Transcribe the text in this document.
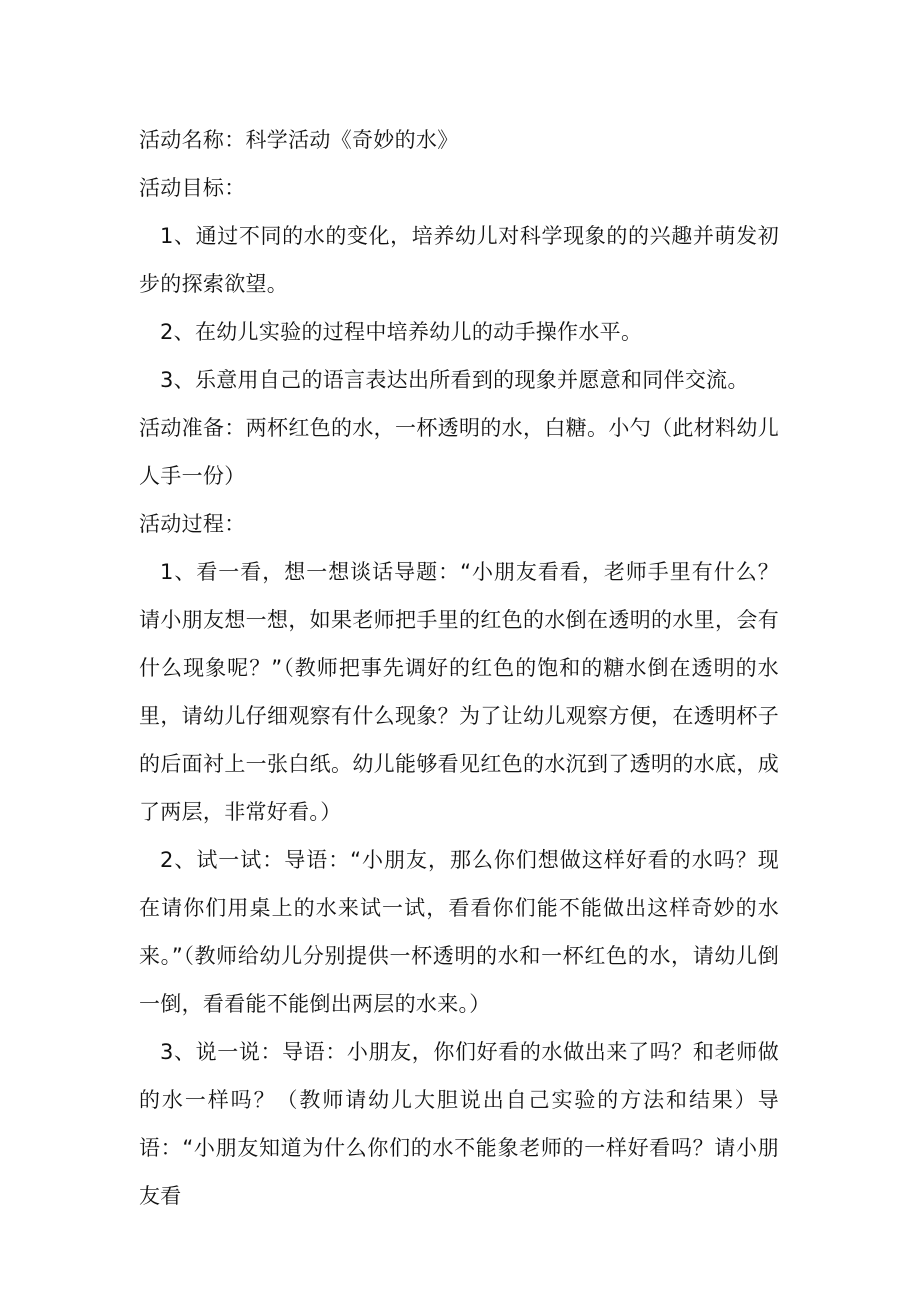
活动名称：科学活动《奇妙的水》

活动目标：

1、通过不同的水的变化，培养幼儿对科学现象的的兴趣并萌发初步的探索欲望。

2、在幼儿实验的过程中培养幼儿的动手操作水平。

3、乐意用自己的语言表达出所看到的现象并愿意和同伴交流。

活动准备：两杯红色的水，一杯透明的水，白糖。小勺（此材料幼儿人手一份）

活动过程：

1、看一看，想一想谈话导题：“小朋友看看，老师手里有什么？请小朋友想一想，如果老师把手里的红色的水倒在透明的水里，会有什么现象呢？”（教师把事先调好的红色的饱和的糖水倒在透明的水里，请幼儿仔细观察有什么现象？为了让幼儿观察方便，在透明杯子的后面衬上一张白纸。幼儿能够看见红色的水沉到了透明的水底，成了两层，非常好看。）

2、试一试：导语：“小朋友，那么你们想做这样好看的水吗？现在请你们用桌上的水来试一试，看看你们能不能做出这样奇妙的水来。”（教师给幼儿分别提供一杯透明的水和一杯红色的水，请幼儿倒一倒，看看能不能倒出两层的水来。）

3、说一说：导语：小朋友，你们好看的水做出来了吗？和老师做的水一样吗？（教师请幼儿大胆说出自己实验的方法和结果）导语：“小朋友知道为什么你们的水不能象老师的一样好看吗？请小朋友看
